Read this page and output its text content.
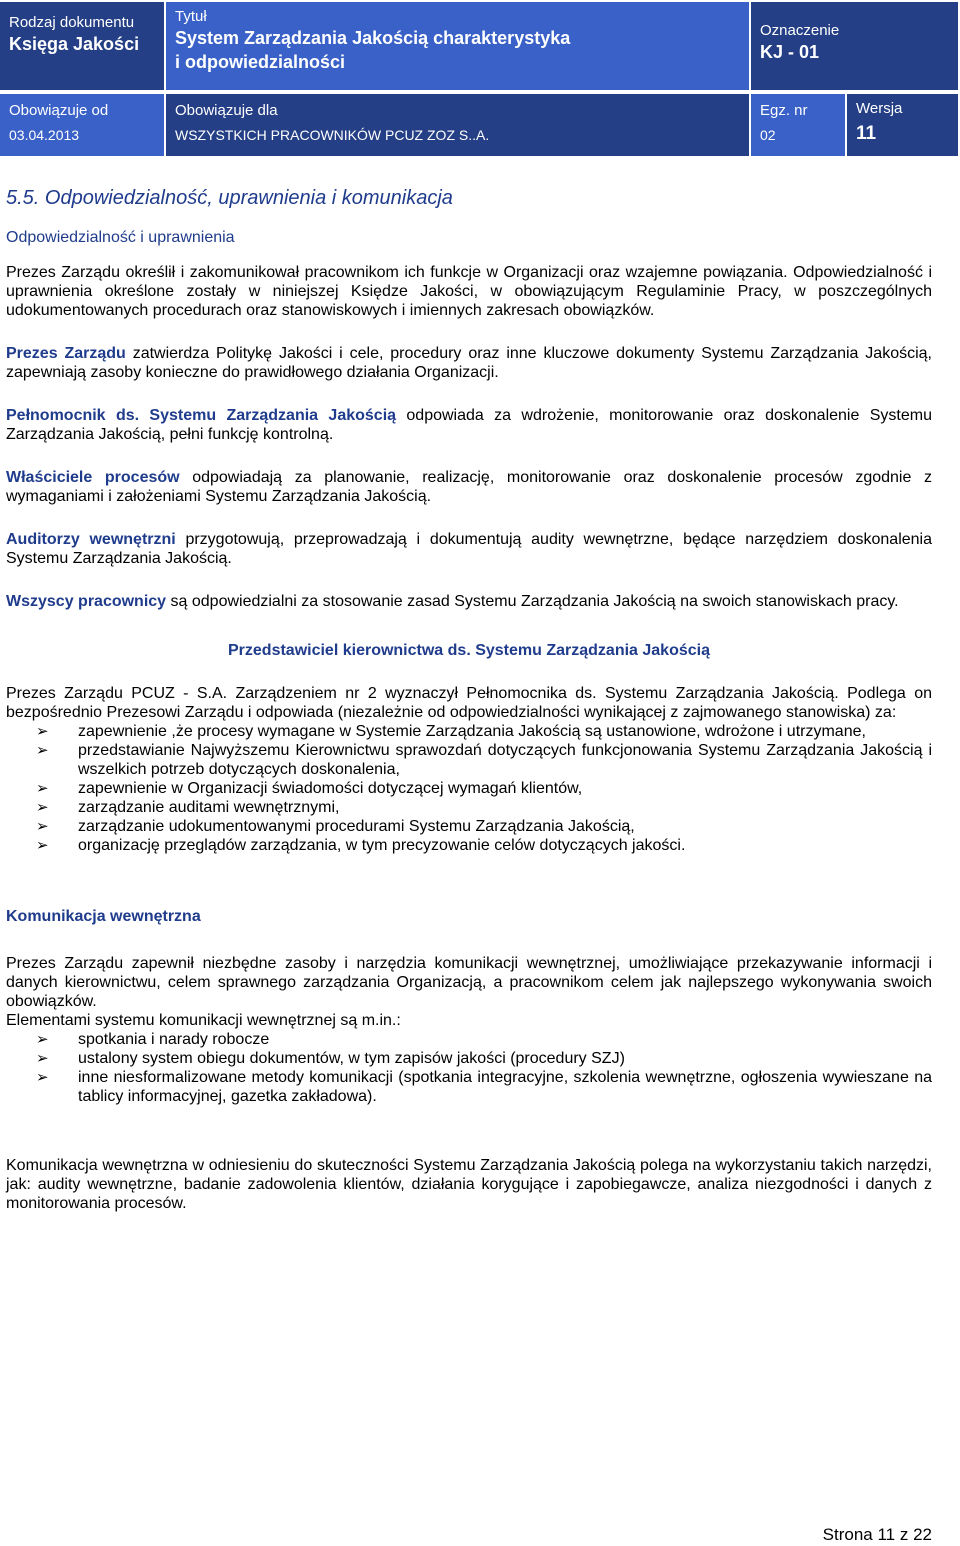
Rodzaj dokumentu
Księga Jakości
Tytuł
System Zarządzania Jakością charakterystyka
i odpowiedzialności
Oznaczenie
KJ - 01
Obowiązuje od
03.04.2013
Obowiązuje dla
WSZYSTKICH PRACOWNIKÓW PCUZ ZOZ S..A.
Egz. nr
02
Wersja
11
5.5. Odpowiedzialność, uprawnienia i komunikacja
Odpowiedzialność i uprawnienia
Prezes Zarządu określił i zakomunikował pracownikom ich funkcje w Organizacji oraz wzajemne powiązania. Odpowiedzialność i uprawnienia określone zostały w niniejszej Księdze Jakości, w obowiązującym Regulaminie Pracy, w poszczególnych udokumentowanych procedurach oraz stanowiskowych i imiennych zakresach obowiązków.
Prezes Zarządu zatwierdza Politykę Jakości i cele, procedury oraz inne kluczowe dokumenty Systemu Zarządzania Jakością, zapewniają zasoby konieczne do prawidłowego działania Organizacji.
Pełnomocnik ds. Systemu Zarządzania Jakością odpowiada za wdrożenie, monitorowanie oraz doskonalenie Systemu Zarządzania Jakością, pełni funkcję kontrolną.
Właściciele procesów odpowiadają za planowanie, realizację, monitorowanie oraz doskonalenie procesów zgodnie z wymaganiami i założeniami Systemu Zarządzania Jakością.
Auditorzy wewnętrzni przygotowują, przeprowadzają i dokumentują audity wewnętrzne, będące narzędziem doskonalenia Systemu Zarządzania Jakością.
Wszyscy pracownicy są odpowiedzialni za stosowanie zasad Systemu Zarządzania Jakością na swoich stanowiskach pracy.
Przedstawiciel kierownictwa ds. Systemu Zarządzania Jakością
Prezes Zarządu PCUZ - S.A. Zarządzeniem nr 2 wyznaczył Pełnomocnika ds. Systemu Zarządzania Jakością. Podlega on bezpośrednio Prezesowi Zarządu i odpowiada (niezależnie od odpowiedzialności wynikającej z zajmowanego stanowiska) za:
➢ zapewnienie ,że procesy wymagane w Systemie Zarządzania Jakością są ustanowione, wdrożone i utrzymane,
➢ przedstawianie Najwyższemu Kierownictwu sprawozdań dotyczących funkcjonowania Systemu Zarządzania Jakością i wszelkich potrzeb dotyczących doskonalenia,
➢ zapewnienie w Organizacji świadomości dotyczącej wymagań klientów,
➢ zarządzanie auditami wewnętrznymi,
➢ zarządzanie udokumentowanymi procedurami Systemu Zarządzania Jakością,
➢ organizację przeglądów zarządzania, w tym precyzowanie celów dotyczących jakości.
Komunikacja wewnętrzna
Prezes Zarządu zapewnił niezbędne zasoby i narzędzia komunikacji wewnętrznej, umożliwiające przekazywanie informacji i danych kierownictwu, celem sprawnego zarządzania Organizacją, a pracownikom celem jak najlepszego wykonywania swoich obowiązków.
Elementami systemu komunikacji wewnętrznej są m.in.:
➢ spotkania i narady robocze
➢ ustalony system obiegu dokumentów, w tym zapisów jakości (procedury SZJ)
➢ inne niesformalizowane metody komunikacji (spotkania integracyjne, szkolenia wewnętrzne, ogłoszenia wywieszane na tablicy informacyjnej, gazetka zakładowa).
Komunikacja wewnętrzna w odniesieniu do skuteczności Systemu Zarządzania Jakością polega na wykorzystaniu takich narzędzi, jak: audity wewnętrzne, badanie zadowolenia klientów, działania korygujące i zapobiegawcze, analiza niezgodności i danych z monitorowania procesów.
Strona 11 z 22
